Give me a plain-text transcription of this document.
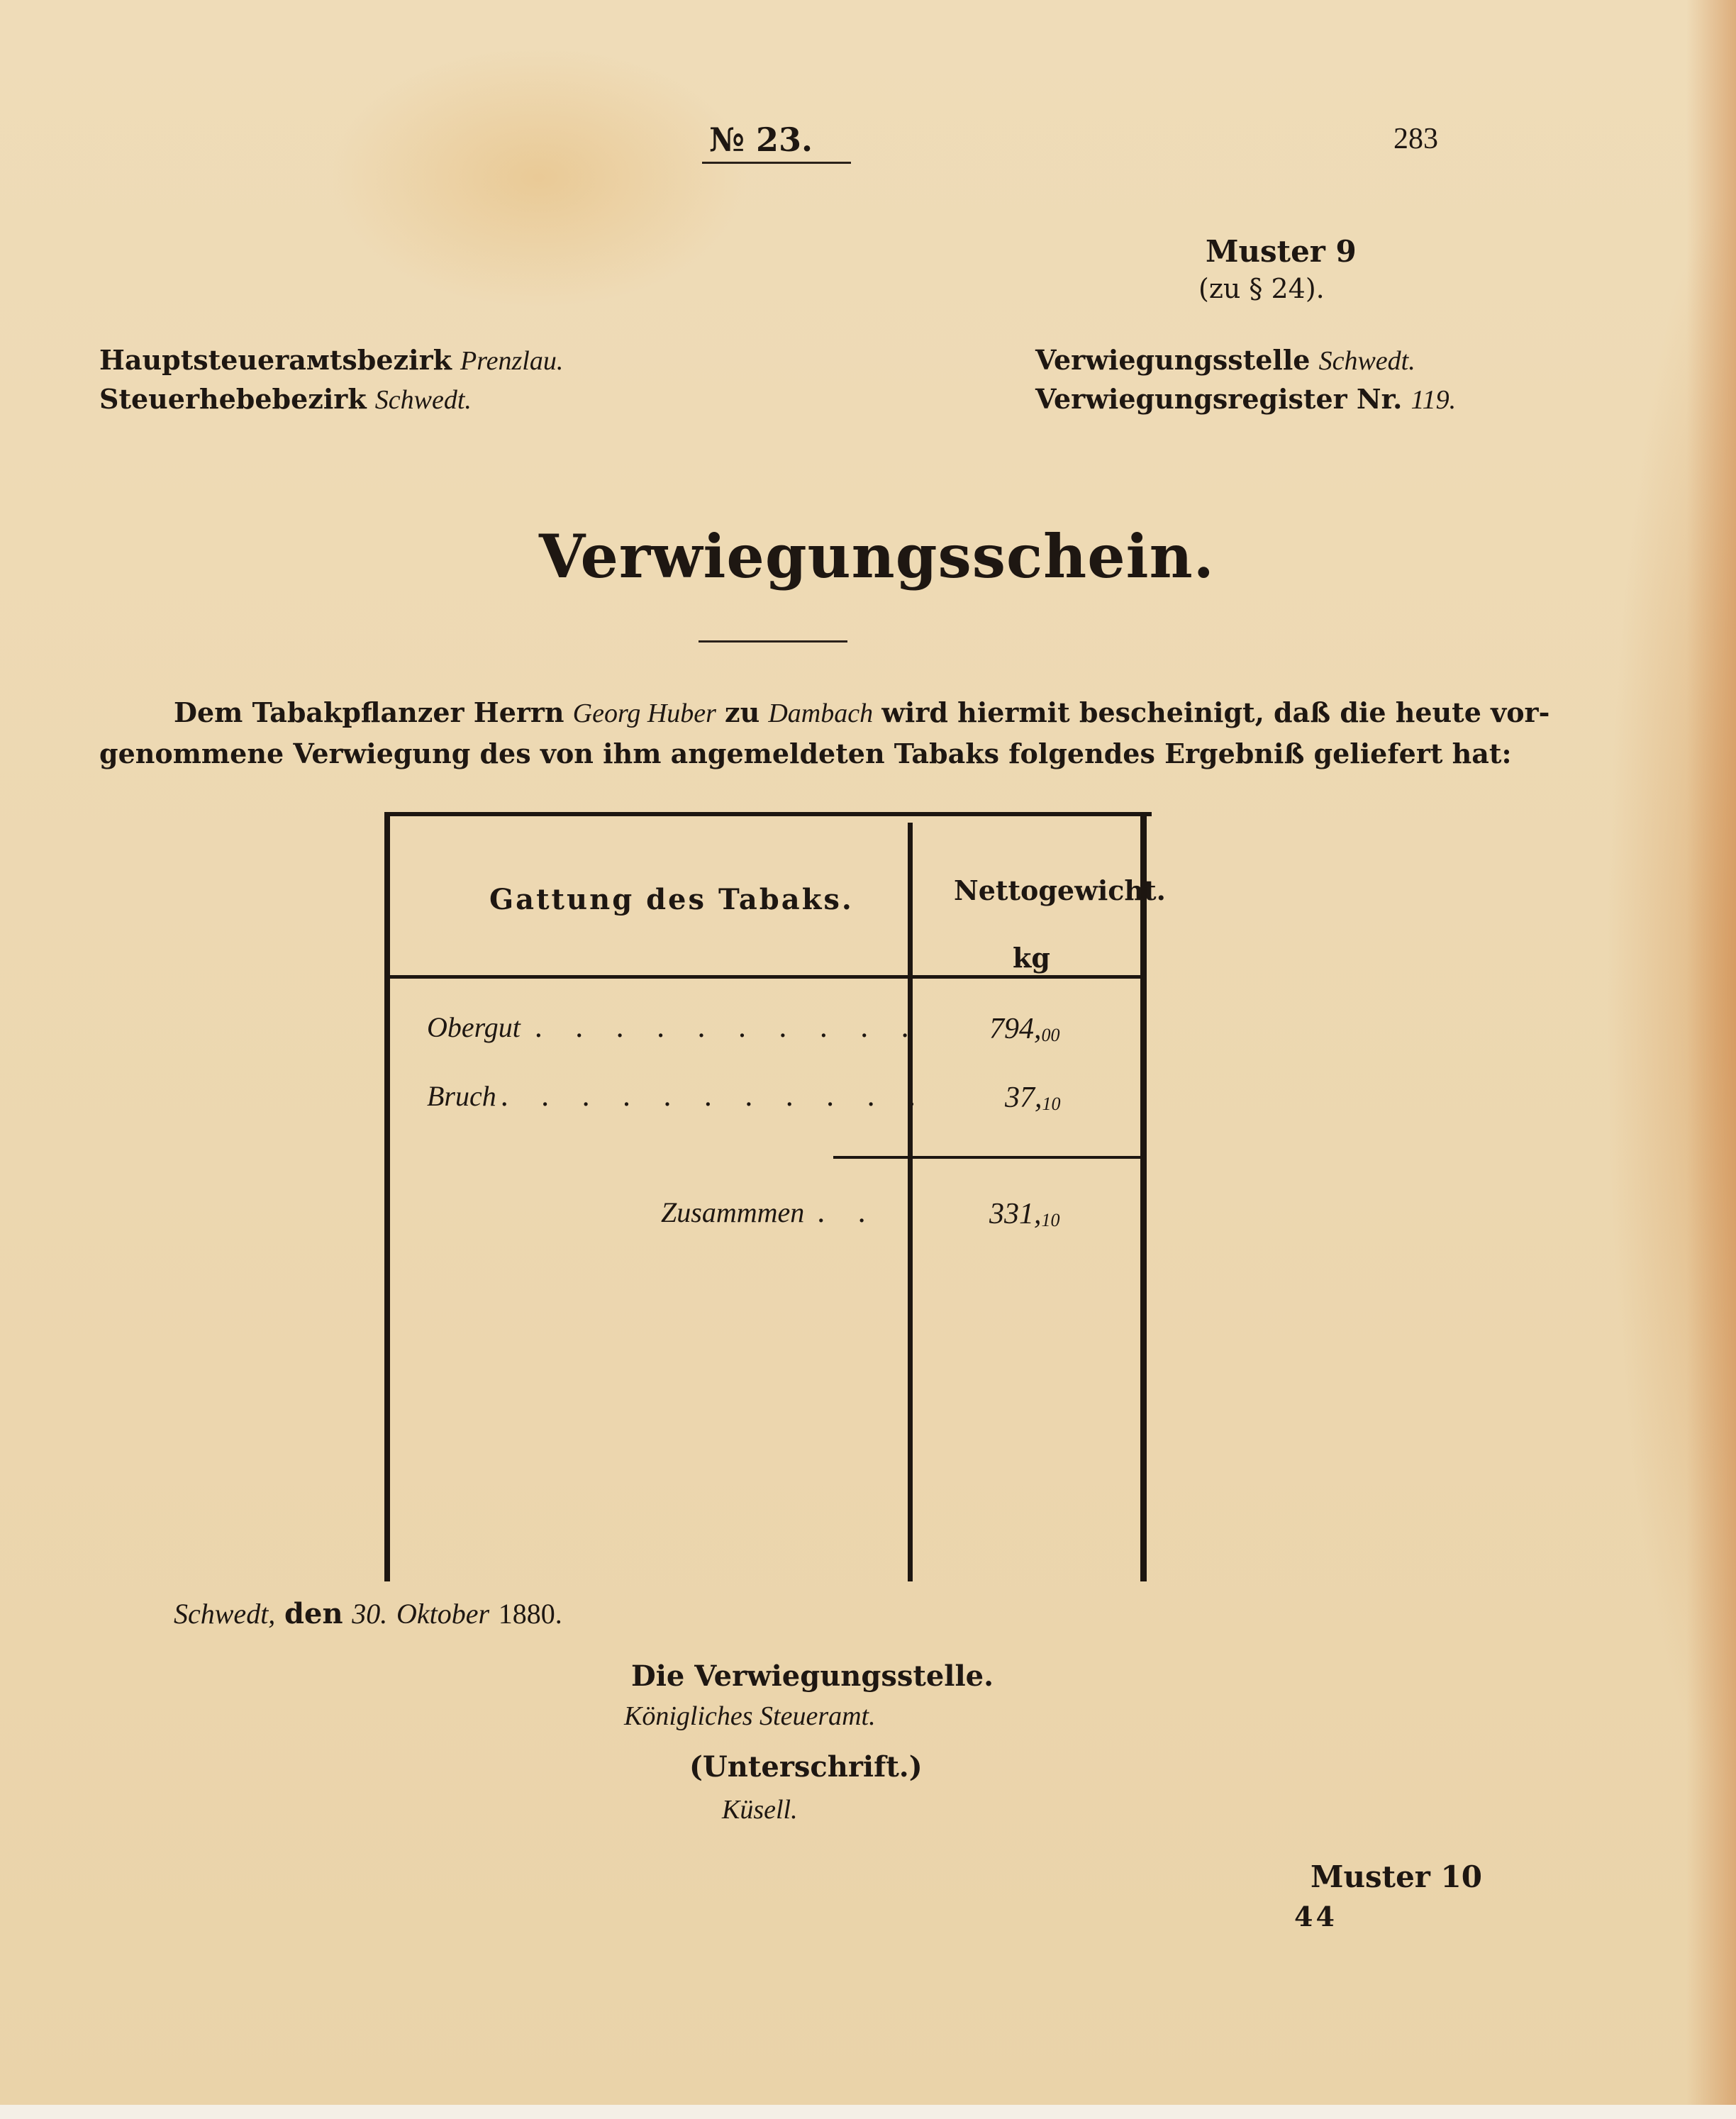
№ 23.	283
Muster 9
(zu § 24).
Hauptsteuerамtsbezirk Prenzlau.
Steuerhebebezirk Schwedt.
Verwiegungsstelle Schwedt.
Verwiegungsregister Nr. 119.
Verwiegungsschein.
Dem Tabakpflanzer Herrn Georg Huber zu Dambach wird hiermit bescheinigt, daß die heute vor-
genommene Verwiegung des von ihm angemeldeten Tabaks folgendes Ergebniß geliefert hat:
Gattung des Tabaks.	Nettogewicht.
kg
Obergut . . . . . . . . . . $794,_{00}$
Bruch . . . . . . . . . . .	$37,_{10}$
Zusammmen . .	$331,_{10}$
Schwedt, den 30. Oktober 1880.
Die Verwiegungsstelle.
Königliches Steueramt.
(Unterschrift.)
Küsell.
Muster 10
44
